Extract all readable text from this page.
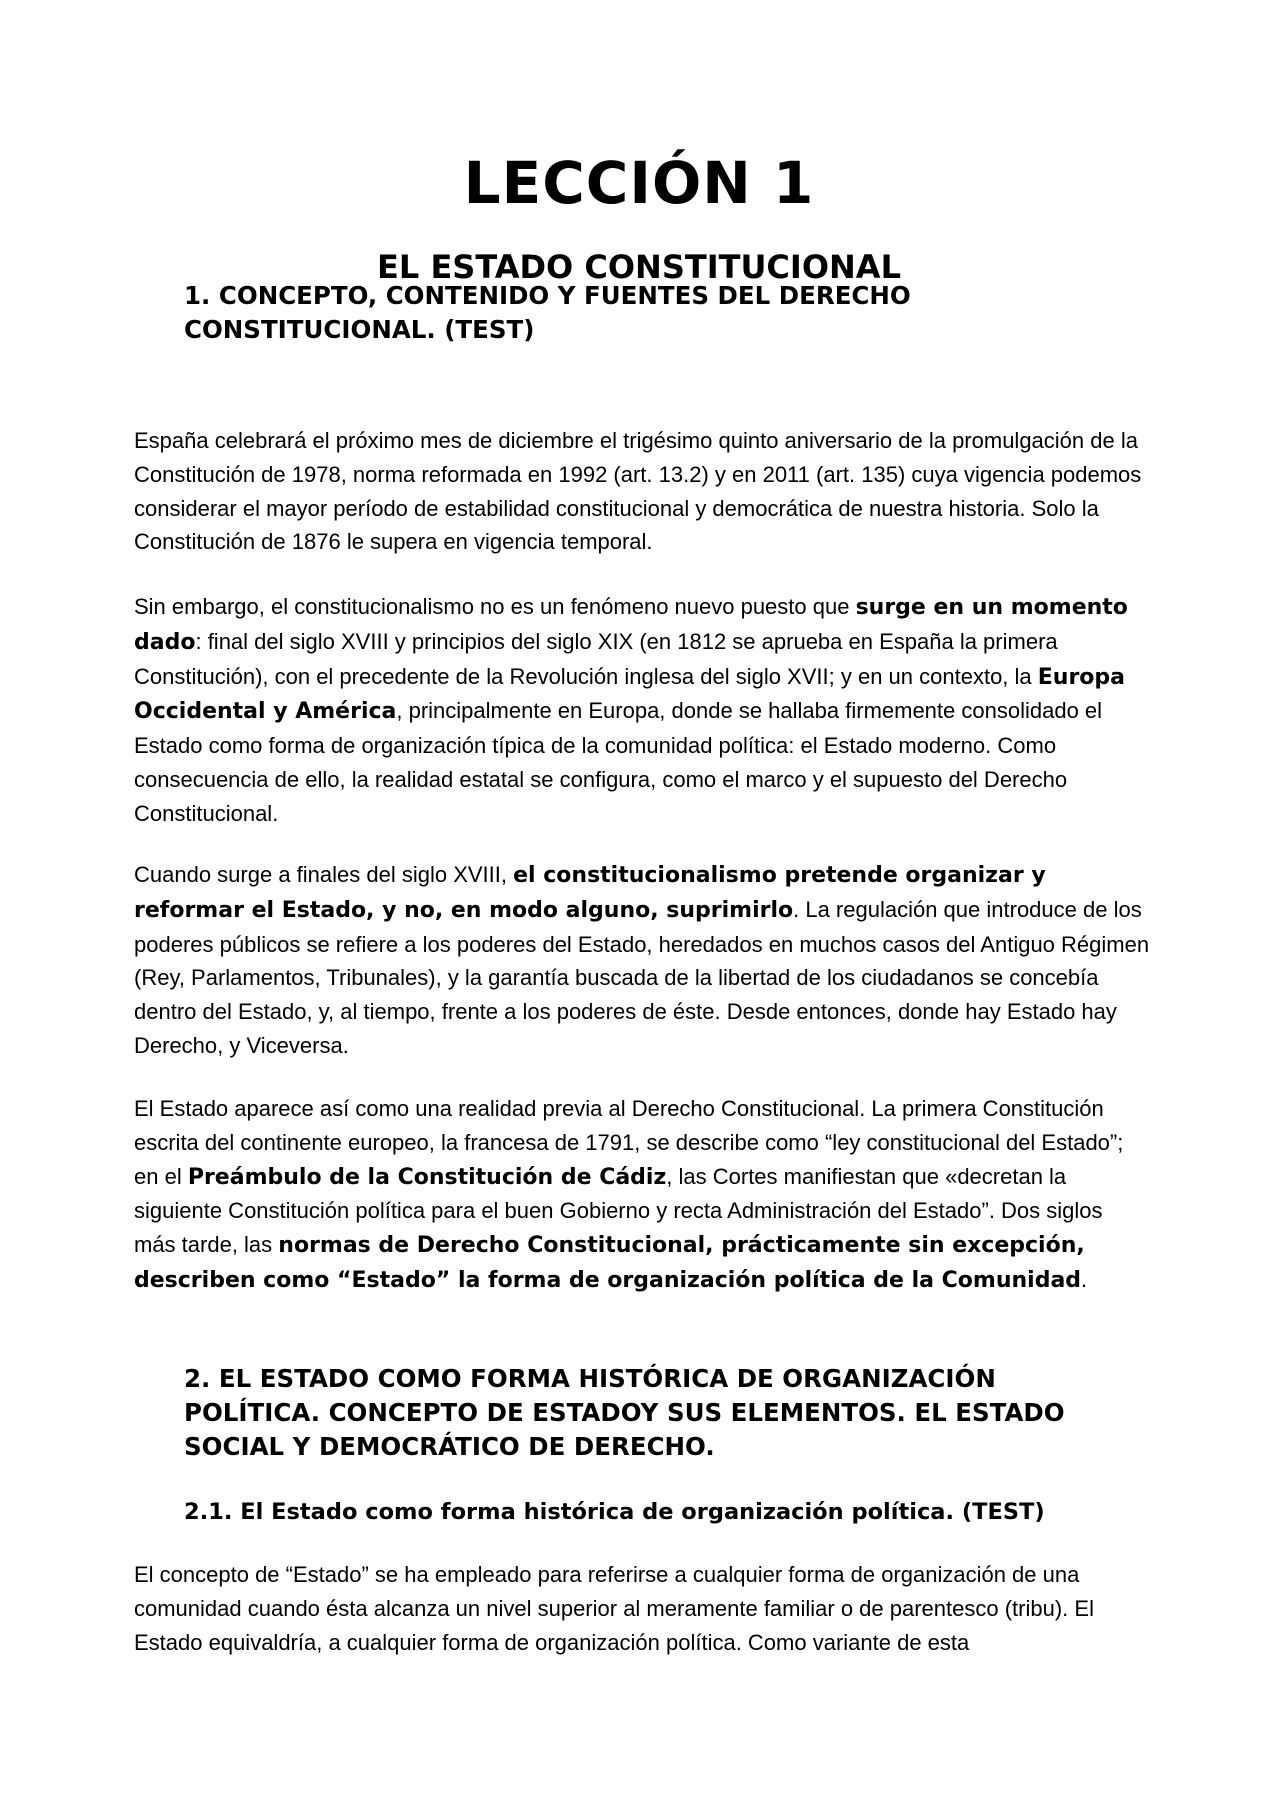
LECCIÓN 1
EL ESTADO CONSTITUCIONAL
1. CONCEPTO, CONTENIDO Y FUENTES DEL DERECHO CONSTITUCIONAL. (TEST)

España celebrará el próximo mes de diciembre el trigésimo quinto aniversario de la promulgación de la Constitución de 1978, norma reformada en 1992 (art. 13.2) y en 2011 (art. 135) cuya vigencia podemos considerar el mayor período de estabilidad constitucional y democrática de nuestra historia. Solo la Constitución de 1876 le supera en vigencia temporal.

Sin embargo, el constitucionalismo no es un fenómeno nuevo puesto que surge en un momento dado: final del siglo XVIII y principios del siglo XIX (en 1812 se aprueba en España la primera Constitución), con el precedente de la Revolución inglesa del siglo XVII; y en un contexto, la Europa Occidental y América, principalmente en Europa, donde se hallaba firmemente consolidado el Estado como forma de organización típica de la comunidad política: el Estado moderno. Como consecuencia de ello, la realidad estatal se configura, como el marco y el supuesto del Derecho Constitucional.

Cuando surge a finales del siglo XVIII, el constitucionalismo pretende organizar y reformar el Estado, y no, en modo alguno, suprimirlo. La regulación que introduce de los poderes públicos se refiere a los poderes del Estado, heredados en muchos casos del Antiguo Régimen (Rey, Parlamentos, Tribunales), y la garantía buscada de la libertad de los ciudadanos se concebía dentro del Estado, y, al tiempo, frente a los poderes de éste. Desde entonces, donde hay Estado hay Derecho, y Viceversa.

El Estado aparece así como una realidad previa al Derecho Constitucional. La primera Constitución escrita del continente europeo, la francesa de 1791, se describe como “ley constitucional del Estado”; en el Preámbulo de la Constitución de Cádiz, las Cortes manifiestan que «decretan la siguiente Constitución política para el buen Gobierno y recta Administración del Estado”. Dos siglos más tarde, las normas de Derecho Constitucional, prácticamente sin excepción, describen como “Estado” la forma de organización política de la Comunidad.

2. EL ESTADO COMO FORMA HISTÓRICA DE ORGANIZACIÓN POLÍTICA. CONCEPTO DE ESTADOY SUS ELEMENTOS. EL ESTADO SOCIAL Y DEMOCRÁTICO DE DERECHO.
2.1. El Estado como forma histórica de organización política. (TEST)

El concepto de “Estado” se ha empleado para referirse a cualquier forma de organización de una comunidad cuando ésta alcanza un nivel superior al meramente familiar o de parentesco (tribu). El Estado equivaldría, a cualquier forma de organización política. Como variante de esta
